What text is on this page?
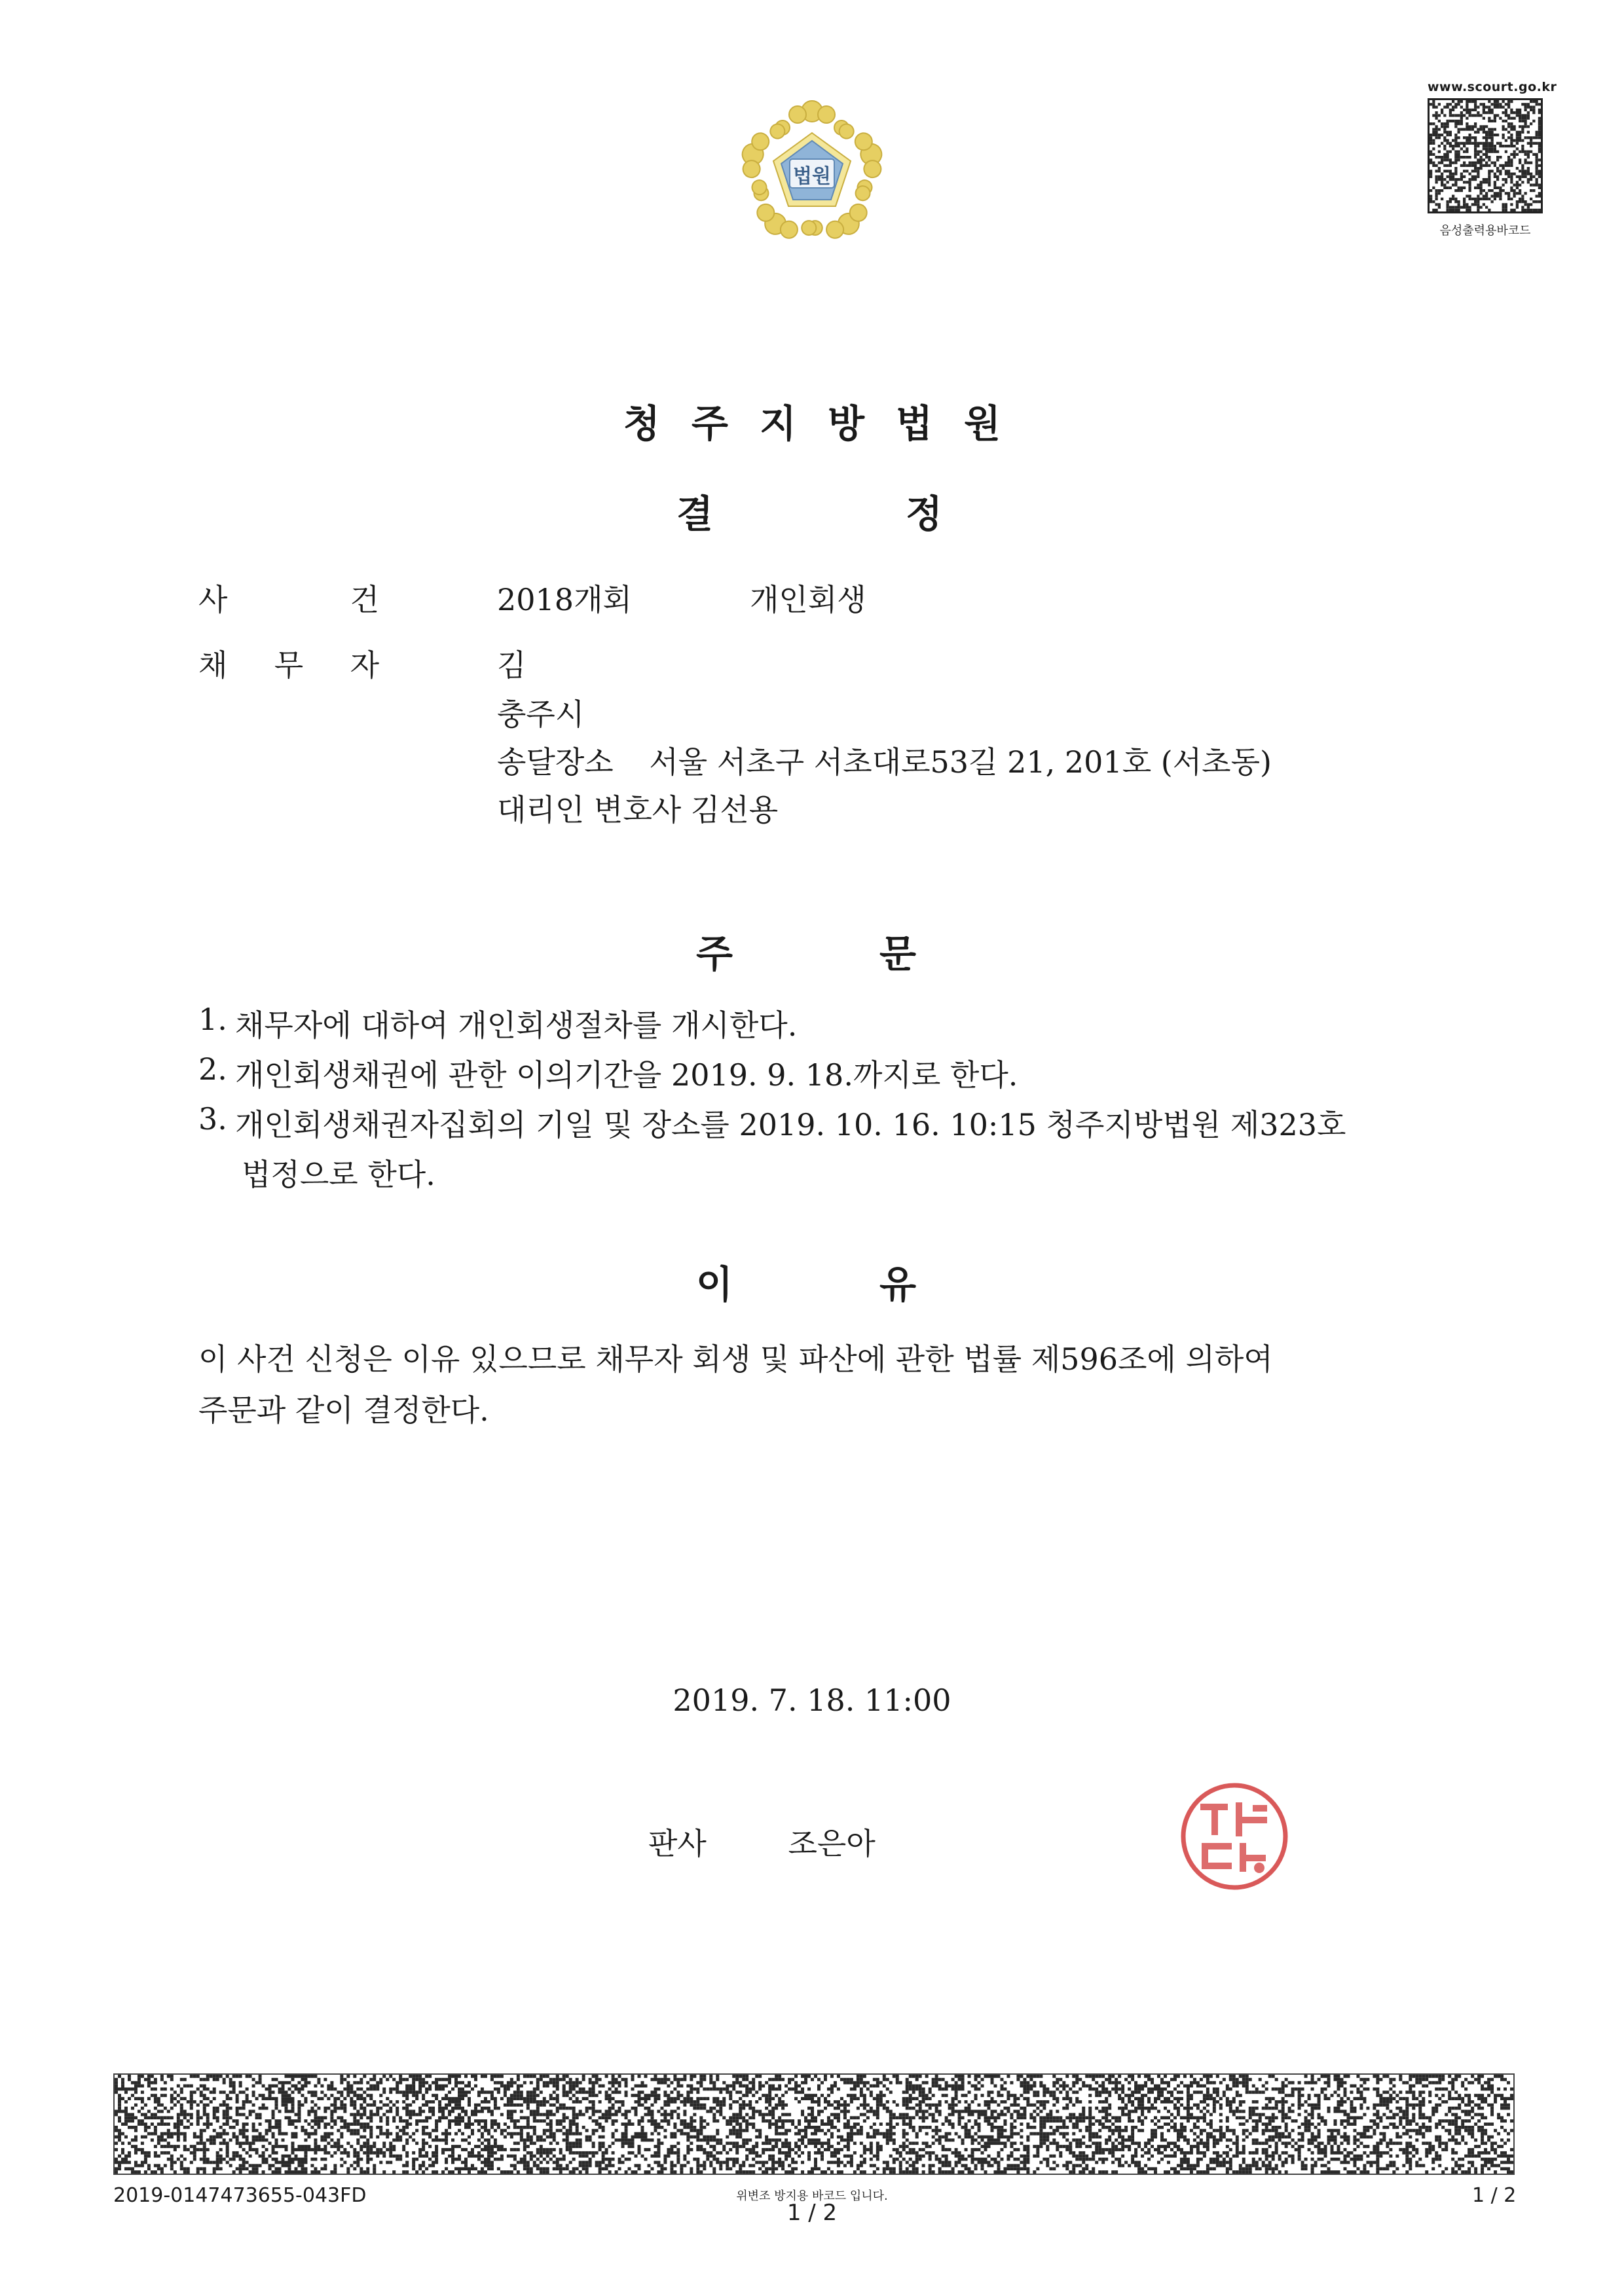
법원
www.scourt.go.kr
음성출력용바코드
청주지방법원
결	정
사	건	2018개회	개인회생
채 무 자	김
충주시
송달장소 서울 서초구 서초대로53길 21, 201호 (서초동)
대리인 변호사 김선용
주	문
1. 채무자에 대하여 개인회생절차를 개시한다.
2. 개인회생채권에 관한 이의기간을 2019. 9. 18.까지로 한다.
3. 개인회생채권자집회의 기일 및 장소를 2019. 10. 16. 10:15 청주지방법원 제323호
법정으로 한다.
이	유
이 사건 신청은 이유 있으므로 채무자 회생 및 파산에 관한 법률 제596조에 의하여
주문과 같이 결정한다.
2019. 7. 18. 11:00
판사	조은아
2019-0147473655-043FD	위변조 방지용 바코드 입니다.
1 / 2
1 / 2
